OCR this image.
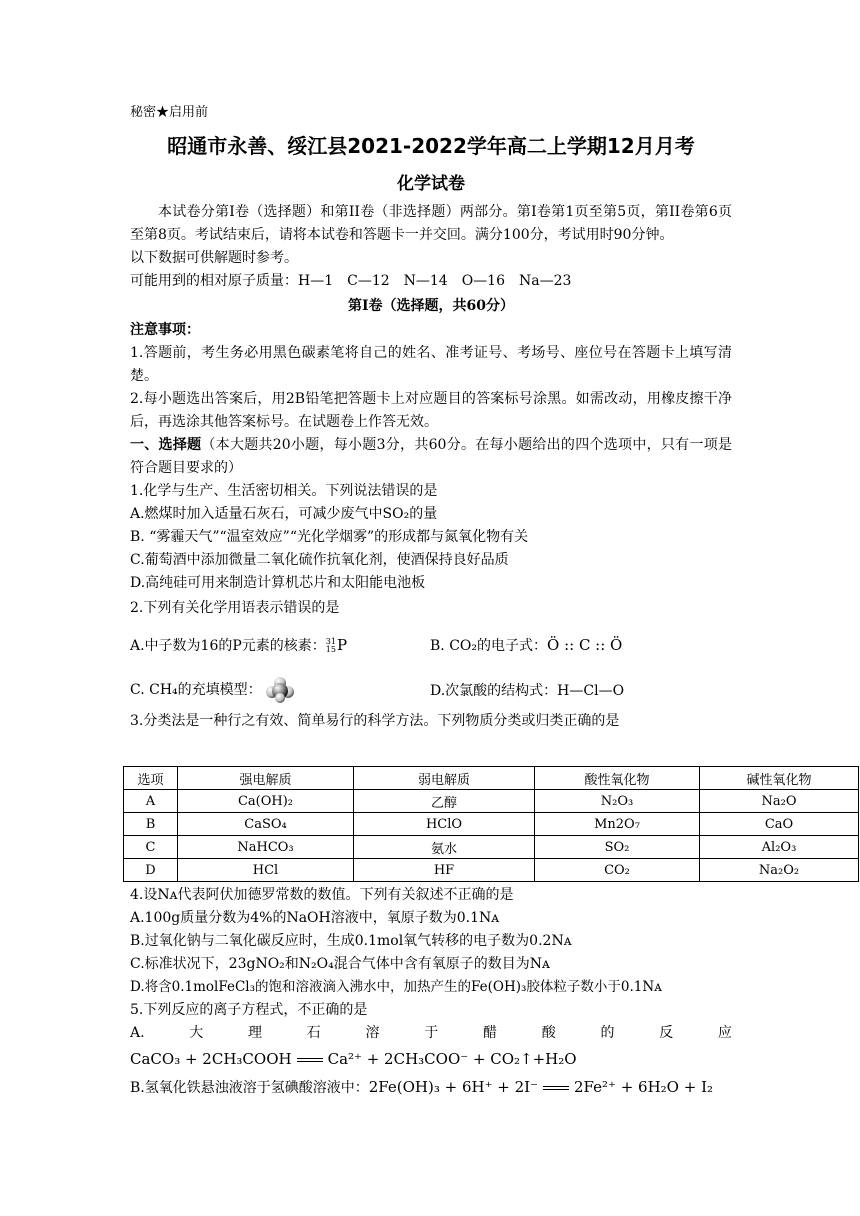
秘密★启用前
昭通市永善、绥江县2021-2022学年高二上学期12月月考
化学试卷

本试卷分第I卷（选择题）和第II卷（非选择题）两部分。第I卷第1页至第5页，第II卷第6页至第8页。考试结束后，请将本试卷和答题卡一并交回。满分100分，考试用时90分钟。

以下数据可供解题时参考。
可能用到的相对原子质量：H—1　C—12　N—14　O—16　Na—23
第I卷（选择题，共60分）
注意事项：
1.答题前，考生务必用黑色碳素笔将自己的姓名、准考证号、考场号、座位号在答题卡上填写清楚。
2.每小题选出答案后，用2B铅笔把答题卡上对应题目的答案标号涂黑。如需改动，用橡皮擦干净后，再选涂其他答案标号。在试题卷上作答无效。
一、选择题（本大题共20小题，每小题3分，共60分。在每小题给出的四个选项中，只有一项是符合题目要求的）
1.化学与生产、生活密切相关。下列说法错误的是
A.燃煤时加入适量石灰石，可减少废气中SO₂的量
B. “雾霾天气”“温室效应”“光化学烟雾”的形成都与氮氧化物有关
C.葡萄酒中添加微量二氧化硫作抗氧化剂，使酒保持良好品质
D.高纯硅可用来制造计算机芯片和太阳能电池板
2.下列有关化学用语表示错误的是
A.中子数为16的P元素的核素： 31
15 P	B. CO₂的电子式：Ö :: C :: Ö
C. CH₄的充填模型：	D.次氯酸的结构式：H—Cl—O
3.分类法是一种行之有效、简单易行的科学方法。下列物质分类或归类正确的是
选项	强电解质	弱电解质	酸性氧化物	碱性氧化物
A	Ca(OH)₂	乙醇	N₂O₃	Na₂O
B	CaSO₄	HClO	Mn2O₇	CaO
C	NaHCO₃	氨水	SO₂	Al₂O₃
D	HCl	HF	CO₂	Na₂O₂
4.设Nᴀ代表阿伏加德罗常数的数值。下列有关叙述不正确的是
A.100g质量分数为4%的NaOH溶液中，氧原子数为0.1Nᴀ
B.过氧化钠与二氧化碳反应时，生成0.1mol氧气转移的电子数为0.2Nᴀ
C.标准状况下，23gNO₂和N₂O₄混合气体中含有氧原子的数目为Nᴀ
D.将含0.1molFeCl₃的饱和溶液滴入沸水中，加热产生的Fe(OH)₃胶体粒子数小于0.1Nᴀ
5.下列反应的离子方程式，不正确的是
A.	大	理	石	溶	于	醋	酸	的	反	应
CaCO₃ + 2CH₃COOH Ca²⁺ + 2CH₃COO⁻ + CO₂↑+H₂O
B.氢氧化铁悬浊液溶于氢碘酸溶液中：2Fe(OH)₃ + 6H⁺ + 2I⁻ 2Fe²⁺ + 6H₂O + I₂
